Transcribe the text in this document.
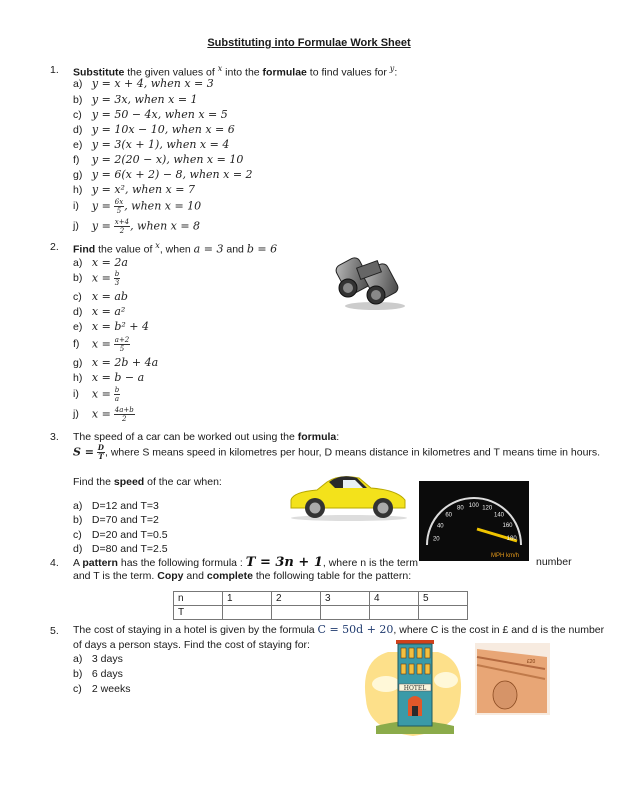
Substituting into Formulae Work Sheet
1. Substitute the given values of $^x$ into the formulae to find values for $^y$:
a) y = x + 4, when x = 3
b) y = 3x, when x = 1
c) y = 50 − 4x, when x = 5
d) y = 10x − 10, when x = 6
e) y = 3(x + 1), when x = 4
f) y = 2(20 − x), when x = 10
g) y = 6(x + 2) − 8, when x = 2
h) y = x², when x = 7
i) $y = \frac{6x}{5}$ , when x = 10
j) $y = \frac{x+4}{2}$ , when x = 8
2. Find the value of $^x$, when a = 3 and b = 6
a) x = 2a
b) $x = \frac{b}{3}$
c) x = ab
d) x = a²
e) x = b² + 4
f) $x = \frac{a+2}{5}$
g) x = 2b + 4a
h) x = b − a
i) $x = \frac{b}{a}$
j) $x = \frac{4a+b}{2}$
3. The speed of a car can be worked out using the formula:
$S = \frac{D}{T}$ , where S means speed in kilometres per hour, D means distance in kilometres and T means time in hours.
Find the speed of the car when:
a) D=12 and T=3
b) D=70 and T=2
c) D=20 and T=0.5
d) D=80 and T=2.5
20
40
60
80 100 120
140
160
180
MPH km/h
4. A pattern has the following formula : T = 3n + 1, where n is the term	number
and T is the term. Copy and complete the following table for the pattern:
n	1	2	3	4	5
T					
5. The cost of staying in a hotel is given by the formula C = 50d + 20, where C is the cost in £ and d is the number
of days a person stays. Find the cost of staying for:
a) 3 days
b) 6 days
c) 2 weeks	HOTEL
£20
